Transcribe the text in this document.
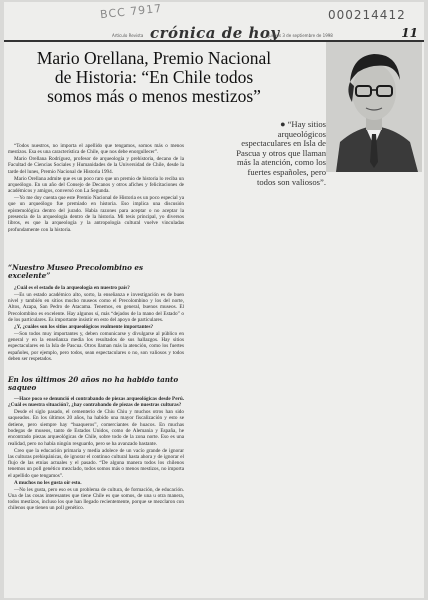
BCC 7917	000214412
Artículo Revista crónica de hoy
Jueves 3 de septiembre de 1998	11
Mario Orellana, Premio Nacional
de Historia: “En Chile todos
somos más o menos mestizos”
● “Hay sitios
arqueológicos
espectaculares en Isla de
Pascua y otros que llaman
más la atención, como los
fuertes españoles, pero
todos son valiosos”.

“Todos nuestros, no importa el apellido que tengamos, somos más o menos mestizos. Esa es una característica de Chile, que nos debe enorgullecer”.

Mario Orellana Rodríguez, profesor de arqueología y prehistoria, decano de la Facultad de Ciencias Sociales y Humanidades de la Universidad de Chile, desde la tarde del lunes, Premio Nacional de Historia 1994.

Mario Orellana admite que es un poco raro que un premio de historia lo reciba un arqueólogo. En un año del Consejo de Decanos y otros afiches y felicitaciones de académicos y amigos, conversó con La Segunda.

—Yo me doy cuenta que este Premio Nacional de Historia es un poco especial ya que un arqueólogo fue premiado en historia. Eso implica una discusión epistemológica dentro del jurado. Había razones para aceptar o no aceptar la presencia de la arqueología dentro de la historia. Mi tesis principal, yo diversos libros, es que la arqueología y la antropología cultural vuelve vinculadas profundamente con la historia.

“Nuestro Museo Precolombino es excelente”

¿Cuál es el estado de la arqueología en nuestro país?

—Es un estado académico alto, sorto, la enseñanza e investigación es de buen nivel y también en sitios mucho museos como el Precolombino y los del norte, Altos, Azapa, San Pedro de Atacama. Tenemos, en general, buenos museos. El Precolombino es excelente. Hay algunos sí, más “dejados de la mano del Estado” o de los particulares. Es importante insistir en esto del apoyo de particulares.

¿Y, ¿cuáles son los sitios arqueológicos realmente importantes?

—Son todos muy importantes y, deben comunicarse y divulgarse al público en general y en la enseñanza media los resultados de sus hallazgos. Hay sitios espectaculares en la Isla de Pascua. Otros llaman más la atención, como los fuertes españoles, por ejemplo, pero todos, sean espectaculares o no, son valiosos y todos deben ser respetados.

En los últimos 20 años no ha habido tanto saqueo

—Hace poco se denunció el contrabando de piezas arqueológicas desde Perú. ¿Cuál es nuestra situación?, ¿hay contrabando de piezas de nuestras culturas?

Desde el siglo pasado, el cementerio de Chiu Chiu y muchos otros han sido saqueados. En los últimos 20 años, ha habido una mayor fiscalización y esto se detiene, pero siempre hay “huaqueros”, comerciantes de huacos. En muchas bodegas de museos, tanto de Estados Unidos, como de Alemania y España, he encontrado piezas arqueológicas de Chile, sobre todo de la zona norte. Eso es una realidad, pero no había ningún resguardo, pero se ha avanzado bastante.

Creo que la educación primaria y media adolece de un vacío grande de ignorar las culturas prehispánicas, de ignorar el continuo cultural hasta ahora y de ignorar el flujo de las etnias actuales y el pasado. “De alguna manera todos los chilenos tenemos un poll genético mezclado, todos somos más o menos mestizos, no importa el apellido que tengamos”.

A muchos no les gusta oír esto.

—No les gusta, pero eso es un problema de cultura, de formación, de educación. Una de las cosas interesantes que tiene Chile es que somos, de una u otra manera, todos mestizos, incluso los que han llegado recientemente, porque se mezclaron con chilenos que tienen un poll genético.
